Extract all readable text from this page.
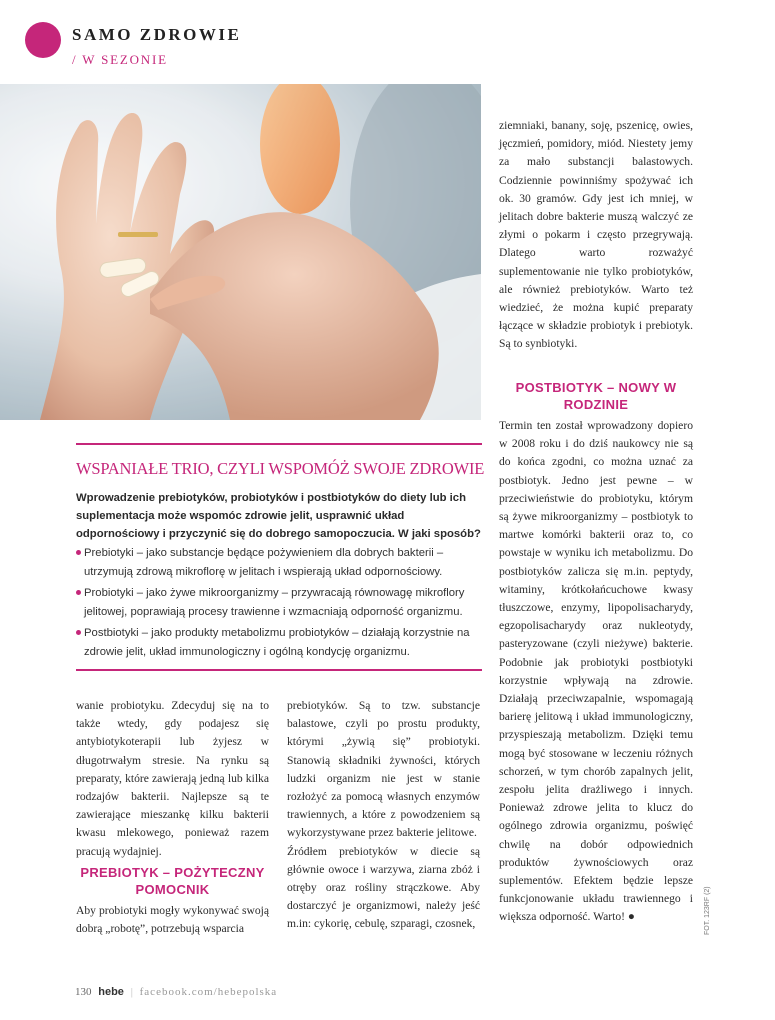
SAMO ZDROWIE
/ W SEZONIE

ziemniaki, banany, soję, pszenicę, owies, jęczmień, pomidory, miód. Niestety jemy za mało substancji balastowych. Codziennie powinniśmy spożywać ich ok. 30 gramów. Gdy jest ich mniej, w jelitach dobre bakterie muszą walczyć ze złymi o pokarm i często przegrywają. Dlatego warto rozważyć suplementowanie nie tylko probiotyków, ale również prebiotyków. Warto też wiedzieć, że można kupić preparaty łączące w składzie probiotyk i prebiotyk. Są to synbiotyki.

POSTBIOTYK – NOWY W RODZINIE

Termin ten został wprowadzony dopiero w 2008 roku i do dziś naukowcy nie są do końca zgodni, co można uznać za postbiotyk. Jedno jest pewne – w przeciwieństwie do probiotyku, którym są żywe mikroorganizmy – postbiotyk to martwe komórki bakterii oraz to, co powstaje w wyniku ich metabolizmu. Do postbiotyków zalicza się m.in. peptydy, witaminy, krótkołańcuchowe kwasy tłuszczowe, enzymy, lipopolisacharydy, egzopolisacharydy oraz nukleotydy, pasteryzowane (czyli nieżywe) bakterie. Podobnie jak probiotyki postbiotyki korzystnie wpływają na zdrowie. Działają przeciwzapalnie, wspomagają barierę jelitową i układ immunologiczny, przyspieszają metabolizm. Dzięki temu mogą być stosowane w leczeniu różnych schorzeń, w tym chorób zapalnych jelit, zespołu jelita drażliwego i innych. Ponieważ zdrowe jelita to klucz do ogólnego zdrowia organizmu, poświęć chwilę na dobór odpowiednich produktów żywnościowych oraz suplementów. Efektem będzie lepsze funkcjonowanie układu trawiennego i większa odporność. Warto! ●

WSPANIAŁE TRIO, CZYLI WSPOMÓŻ SWOJE ZDROWIE

Wprowadzenie prebiotyków, probiotyków i postbiotyków do diety lub ich suplementacja może wspomóc zdrowie jelit, usprawnić układ odpornościowy i przyczynić się do dobrego samopoczucia. W jaki sposób?

Prebiotyki – jako substancje będące pożywieniem dla dobrych bakterii – utrzymują zdrową mikroflorę w jelitach i wspierają układ odpornościowy.
Probiotyki – jako żywe mikroorganizmy – przywracają równowagę mikroflory jelitowej, poprawiają procesy trawienne i wzmacniają odporność organizmu.
Postbiotyki – jako produkty metabolizmu probiotyków – działają korzystnie na zdrowie jelit, układ immunologiczny i ogólną kondycję organizmu.

wanie probiotyku. Zdecyduj się na to także wtedy, gdy podajesz się antybiotykoterapii lub żyjesz w długotrwałym stresie. Na rynku są preparaty, które zawierają jedną lub kilka rodzajów bakterii. Najlepsze są te zawierające mieszankę kilku bakterii kwasu mlekowego, ponieważ razem pracują wydajniej.

PREBIOTYK – POŻYTECZNY POMOCNIK

Aby probiotyki mogły wykonywać swoją dobrą „robotę”, potrzebują wsparcia

prebiotyków. Są to tzw. substancje balastowe, czyli po prostu produkty, którymi „żywią się” probiotyki. Stanowią składniki żywności, których ludzki organizm nie jest w stanie rozłożyć za pomocą własnych enzymów trawiennych, a które z powodzeniem są wykorzystywane przez bakterie jelitowe.

Źródłem prebiotyków w diecie są głównie owoce i warzywa, ziarna zbóż i otręby oraz rośliny strączkowe. Aby dostarczyć je organizmowi, należy jeść m.in: cykorię, cebulę, szparagi, czosnek,	FOT. 123RF (2)
130 hebe | facebook.com/hebepolska
